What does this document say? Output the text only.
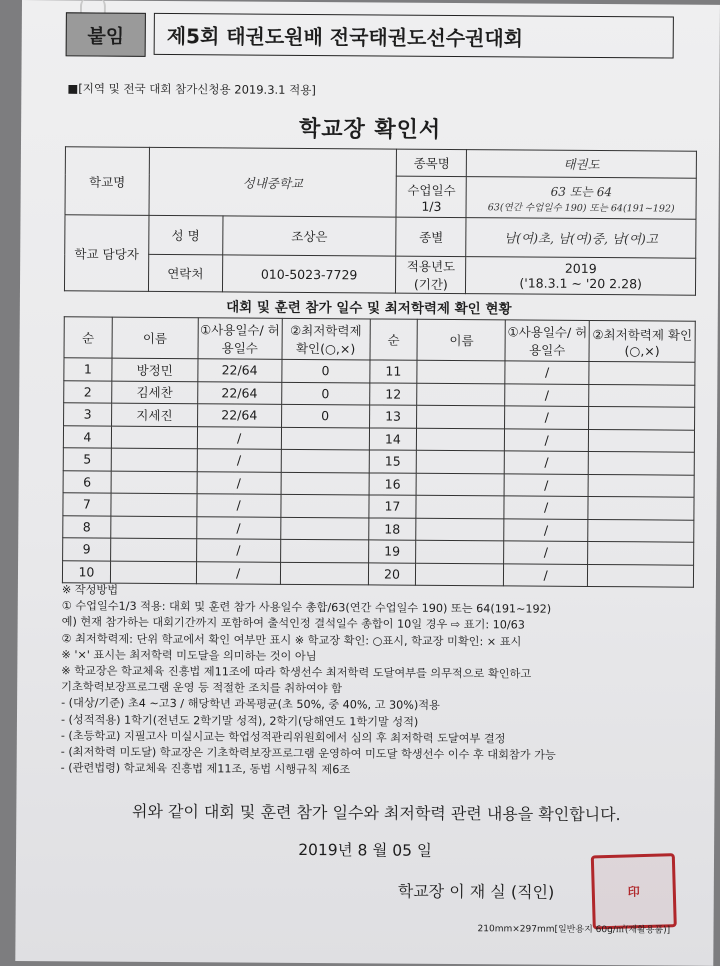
붙임	제5회 태권도원배 전국태권도선수권대회
■[지역 및 전국 대회 참가신청용 2019.3.1 적용]
학교장 확인서
학교명	성내중학교		종목명	태권도
			수업일수 1/3	63 또는 64
63(연간 수업일수 190) 또는 64(191~192)

학교 담당자	성 명	조상은	종별	남(여)초, 남(여)중, 남(여)고
	연락처	010-5023-7729	적용년도 (기간)	2019
('18.3.1 ~ '20 2.28)
대회 및 훈련 참가 일수 및 최저학력제 확인 현황
순	이름	①사용일수/ 허용일수	②최저학력제 확인(○,×)	순	이름	①사용일수/ 허용일수	②최저학력제 확인(○,×)
1	방정민	22/64	0	11		/	
2	김세찬	22/64	0	12		/	
3	지세진	22/64	0	13		/	
4		/		14		/	
5		/		15		/	
6		/		16		/	
7		/		17		/	
8		/		18		/	
9		/		19		/	
10		/		20		/	
※ 작성방법
① 수업일수1/3 적용: 대회 및 훈련 참가 사용일수 총합/63(연간 수업일수 190) 또는 64(191~192)
예) 현재 참가하는 대회기간까지 포함하여 출석인정 결석일수 총합이 10일 경우 ⇨ 표기: 10/63
② 최저학력제: 단위 학교에서 확인 여부만 표시 ※ 학교장 확인: ○표시, 학교장 미확인: × 표시
※ '×' 표시는 최저학력 미도달을 의미하는 것이 아님
※ 학교장은 학교체육 진흥법 제11조에 따라 학생선수 최저학력 도달여부를 의무적으로 확인하고
기초학력보장프로그램 운영 등 적절한 조치를 취하여야 함
- (대상/기준) 초4 ~고3 / 해당학년 과목평균(초 50%, 중 40%, 고 30%)적용
- (성적적용) 1학기(전년도 2학기말 성적), 2학기(당해연도 1학기말 성적)
- (초등학교) 지필고사 미실시교는 학업성적관리위원회에서 심의 후 최저학력 도달여부 결정
- (최저학력 미도달) 학교장은 기초학력보장프로그램 운영하여 미도달 학생선수 이수 후 대회참가 가능
- (관련법령) 학교체육 진흥법 제11조, 동법 시행규칙 제6조
위와 같이 대회 및 훈련 참가 일수와 최저학력 관련 내용을 확인합니다.
2019년 8 월 05 일
학교장 이 재 실 (직인)	印
210mm×297mm[일반용지 60g/㎡(재활용품)]
